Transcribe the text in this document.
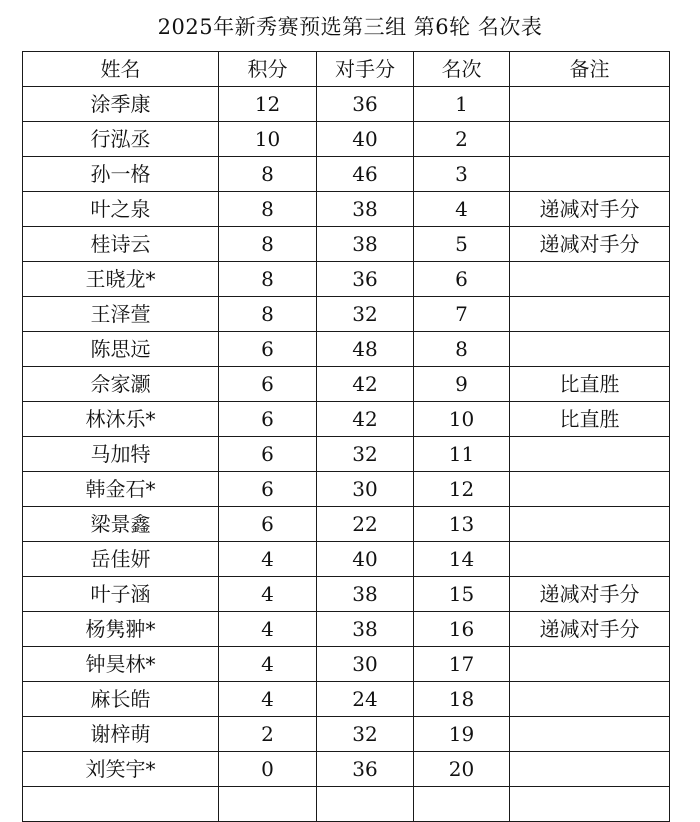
2025年新秀赛预选第三组 第6轮 名次表
姓名	积分	对手分	名次	备注
涂季康	12	36	1	
行泓丞	10	40	2	
孙一格	8	46	3	
叶之泉	8	38	4	递减对手分
桂诗云	8	38	5	递减对手分
王晓龙*	8	36	6	
王泽萱	8	32	7	
陈思远	6	48	8	
佘家灏	6	42	9	比直胜
林沐乐*	6	42	10	比直胜
马加特	6	32	11	
韩金石*	6	30	12	
梁景鑫	6	22	13	
岳佳妍	4	40	14	
叶子涵	4	38	15	递减对手分
杨隽翀*	4	38	16	递减对手分
钟昊林*	4	30	17	
麻长皓	4	24	18	
谢梓萌	2	32	19	
刘笑宇*	0	36	20	
